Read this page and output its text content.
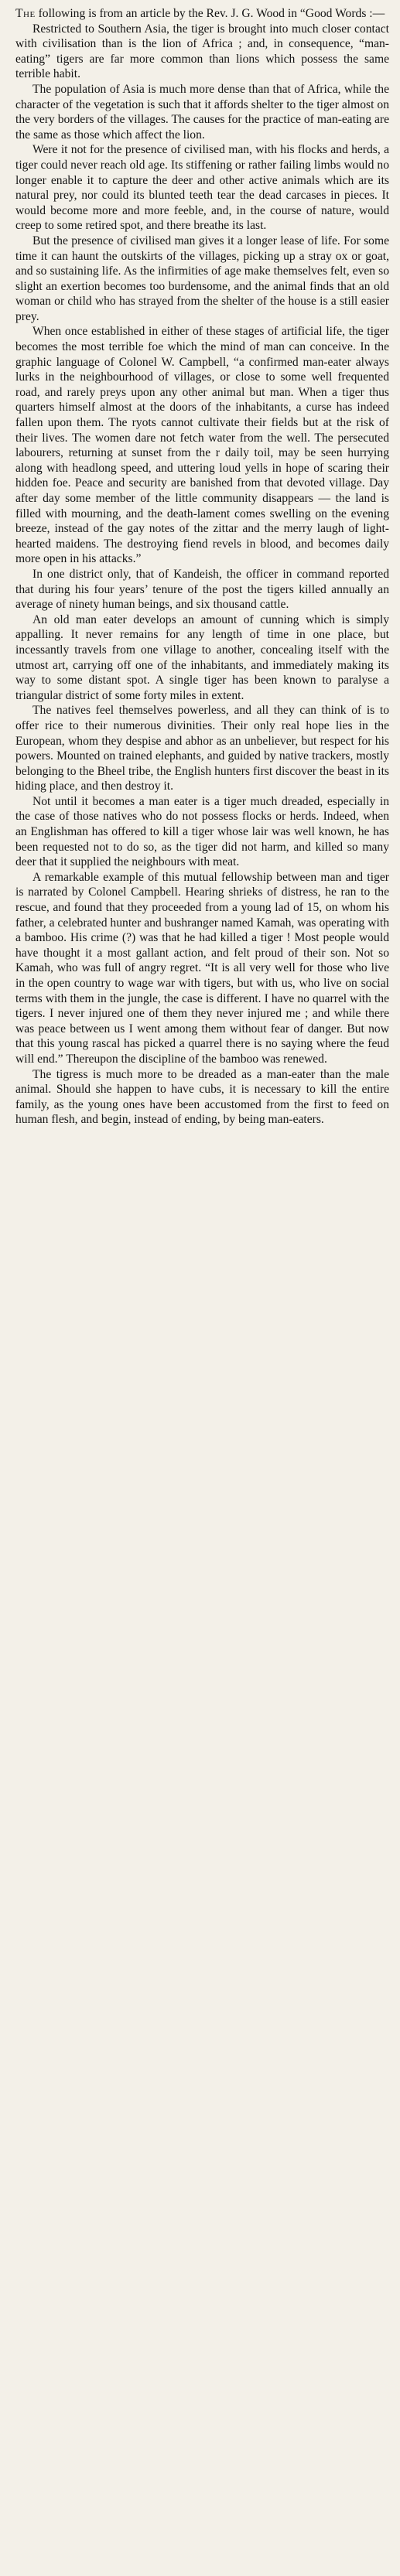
The following is from an article by the Rev. J. G. Wood in “Good Words :—

Restricted to Southern Asia, the tiger is brought into much closer contact with civilisation than is the lion of Africa ; and, in consequence, “man-eating” tigers are far more common than lions which possess the same terrible habit.

The population of Asia is much more dense than that of Africa, while the character of the vegetation is such that it affords shelter to the tiger almost on the very borders of the villages. The causes for the practice of man-eating are the same as those which affect the lion.

Were it not for the presence of civilised man, with his flocks and herds, a tiger could never reach old age. Its stiffening or rather failing limbs would no longer enable it to capture the deer and other active animals which are its natural prey, nor could its blunted teeth tear the dead carcases in pieces. It would become more and more feeble, and, in the course of nature, would creep to some retired spot, and there breathe its last.

But the presence of civilised man gives it a longer lease of life. For some time it can haunt the outskirts of the villages, picking up a stray ox or goat, and so sustaining life. As the infirmities of age make themselves felt, even so slight an exertion becomes too burdensome, and the animal finds that an old woman or child who has strayed from the shelter of the house is a still easier prey.

When once established in either of these stages of artificial life, the tiger becomes the most terrible foe which the mind of man can conceive. In the graphic language of Colonel W. Campbell, “a confirmed man-eater always lurks in the neighbourhood of villages, or close to some well frequented road, and rarely preys upon any other animal but man. When a tiger thus quarters himself almost at the doors of the inhabitants, a curse has indeed fallen upon them. The ryots cannot cultivate their fields but at the risk of their lives. The women dare not fetch water from the well. The persecuted labourers, returning at sunset from the r daily toil, may be seen hurrying along with headlong speed, and uttering loud yells in hope of scaring their hidden foe. Peace and security are banished from that devoted village. Day after day some member of the little community disappears — the land is filled with mourning, and the death-lament comes swelling on the evening breeze, instead of the gay notes of the zittar and the merry laugh of light-hearted maidens. The destroying fiend revels in blood, and becomes daily more open in his attacks.”

In one district only, that of Kandeish, the officer in command reported that during his four years’ tenure of the post the tigers killed annually an average of ninety human beings, and six thousand cattle.

An old man eater develops an amount of cunning which is simply appalling. It never remains for any length of time in one place, but incessantly travels from one village to another, concealing itself with the utmost art, carrying off one of the inhabitants, and immediately making its way to some distant spot. A single tiger has been known to paralyse a triangular district of some forty miles in extent.

The natives feel themselves powerless, and all they can think of is to offer rice to their numerous divinities. Their only real hope lies in the European, whom they despise and abhor as an unbeliever, but respect for his powers. Mounted on trained elephants, and guided by native trackers, mostly belonging to the Bheel tribe, the English hunters first discover the beast in its hiding place, and then destroy it.

Not until it becomes a man eater is a tiger much dreaded, especially in the case of those natives who do not possess flocks or herds. Indeed, when an Englishman has offered to kill a tiger whose lair was well known, he has been requested not to do so, as the tiger did not harm, and killed so many deer that it supplied the neighbours with meat.

A remarkable example of this mutual fellowship between man and tiger is narrated by Colonel Campbell. Hearing shrieks of distress, he ran to the rescue, and found that they proceeded from a young lad of 15, on whom his father, a celebrated hunter and bushranger named Kamah, was operating with a bamboo. His crime (?) was that he had killed a tiger ! Most people would have thought it a most gallant action, and felt proud of their son. Not so Kamah, who was full of angry regret. “It is all very well for those who live in the open country to wage war with tigers, but with us, who live on social terms with them in the jungle, the case is different. I have no quarrel with the tigers. I never injured one of them they never injured me ; and while there was peace between us I went among them without fear of danger. But now that this young rascal has picked a quarrel there is no saying where the feud will end.” Thereupon the discipline of the bamboo was renewed.

The tigress is much more to be dreaded as a man-eater than the male animal. Should she happen to have cubs, it is necessary to kill the entire family, as the young ones have been accustomed from the first to feed on human flesh, and begin, instead of ending, by being man-eaters.
